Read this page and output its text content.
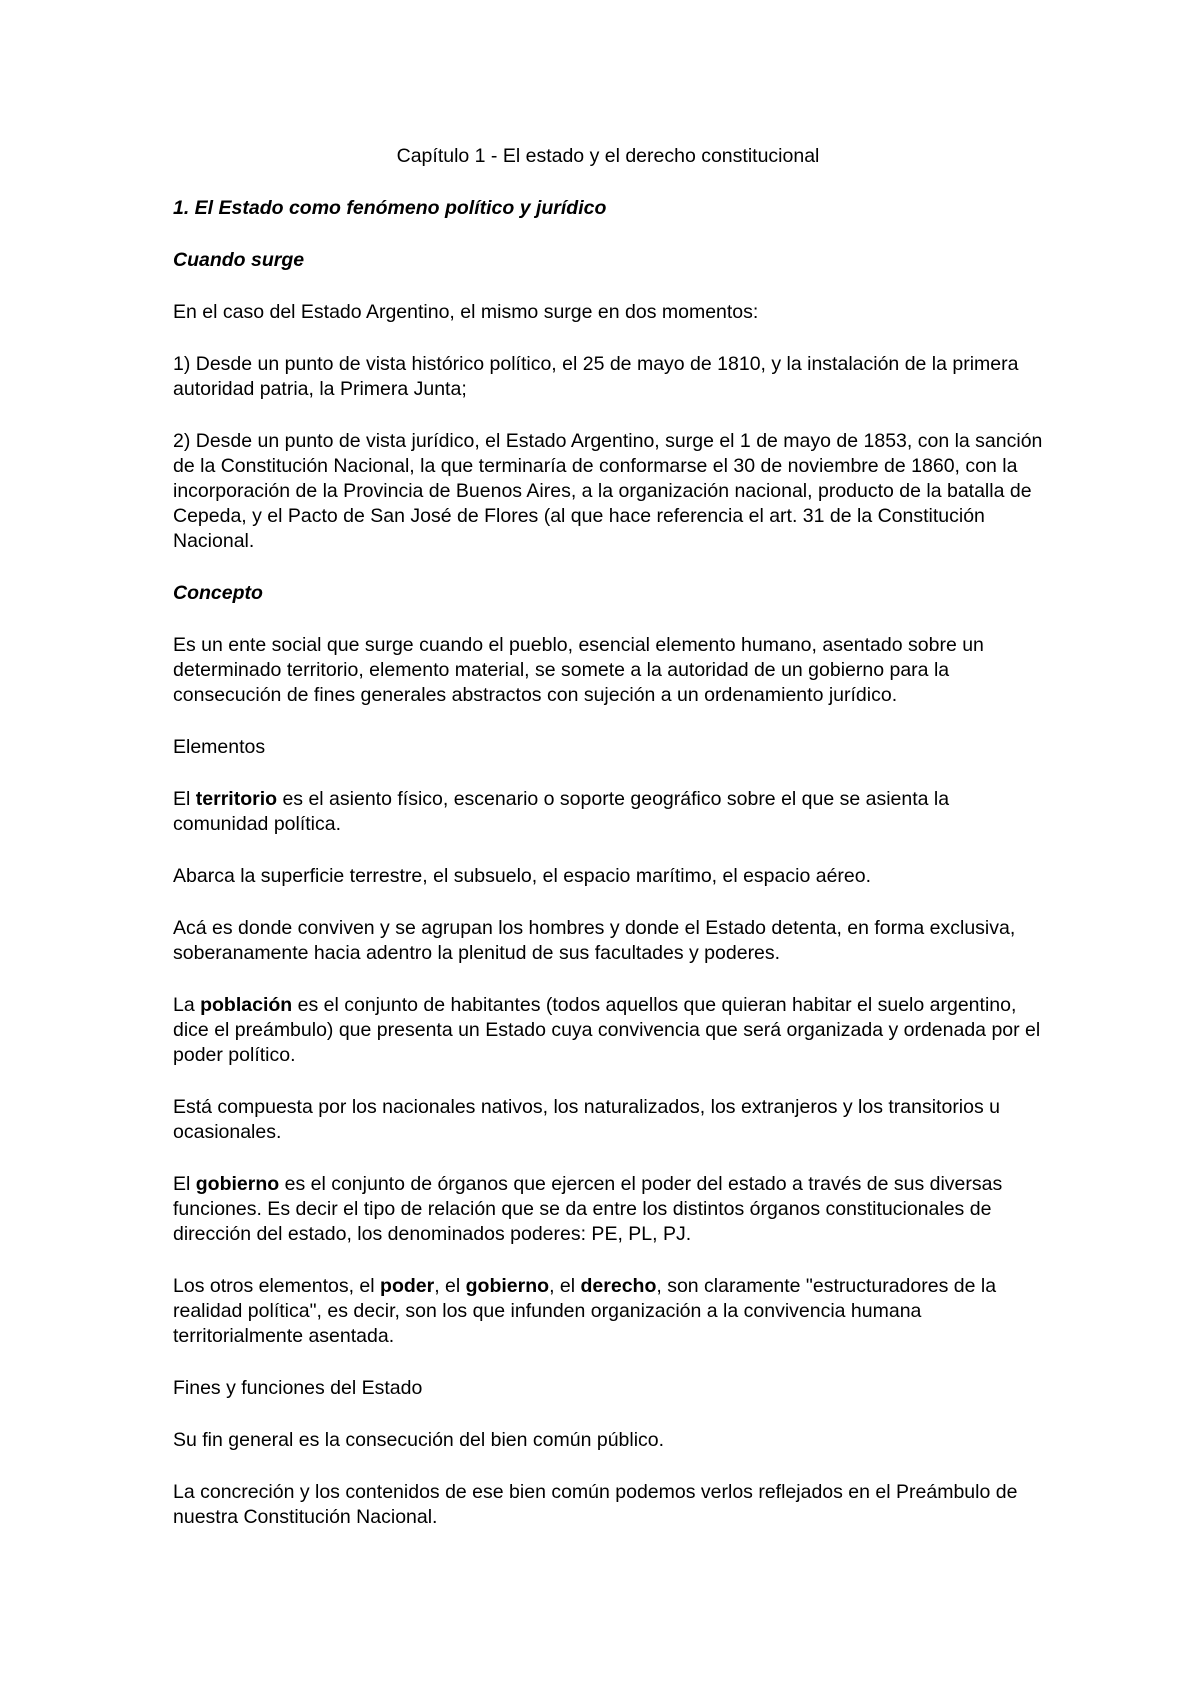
Capítulo 1 - El estado y el derecho constitucional
1. El Estado como fenómeno político y jurídico
Cuando surge

En el caso del Estado Argentino, el mismo surge en dos momentos:

1) Desde un punto de vista histórico político, el 25 de mayo de 1810, y la instalación de la primera autoridad patria, la Primera Junta;

2) Desde un punto de vista jurídico, el Estado Argentino, surge el 1 de mayo de 1853, con la sanción de la Constitución Nacional, la que terminaría de conformarse el 30 de noviembre de 1860, con la incorporación de la Provincia de Buenos Aires, a la organización nacional, producto de la batalla de Cepeda, y el Pacto de San José de Flores (al que hace referencia el art. 31 de la Constitución Nacional.

Concepto

Es un ente social que surge cuando el pueblo, esencial elemento humano, asentado sobre un determinado territorio, elemento material, se somete a la autoridad de un gobierno para la consecución de fines generales abstractos con sujeción a un ordenamiento jurídico.

Elementos

El territorio es el asiento físico, escenario o soporte geográfico sobre el que se asienta la comunidad política.

Abarca la superficie terrestre, el subsuelo, el espacio marítimo, el espacio aéreo.

Acá es donde conviven y se agrupan los hombres y donde el Estado detenta, en forma exclusiva, soberanamente hacia adentro la plenitud de sus facultades y poderes.

La población es el conjunto de habitantes (todos aquellos que quieran habitar el suelo argentino, dice el preámbulo) que presenta un Estado cuya convivencia que será organizada y ordenada por el poder político.

Está compuesta por los nacionales nativos, los naturalizados, los extranjeros y los transitorios u ocasionales.

El gobierno es el conjunto de órganos que ejercen el poder del estado a través de sus diversas funciones. Es decir el tipo de relación que se da entre los distintos órganos constitucionales de dirección del estado, los denominados poderes: PE, PL, PJ.

Los otros elementos, el poder, el gobierno, el derecho, son claramente "estructuradores de la realidad política", es decir, son los que infunden organización a la convivencia humana territorialmente asentada.

Fines y funciones del Estado

Su fin general es la consecución del bien común público.

La concreción y los contenidos de ese bien común podemos verlos reflejados en el Preámbulo de nuestra Constitución Nacional.
